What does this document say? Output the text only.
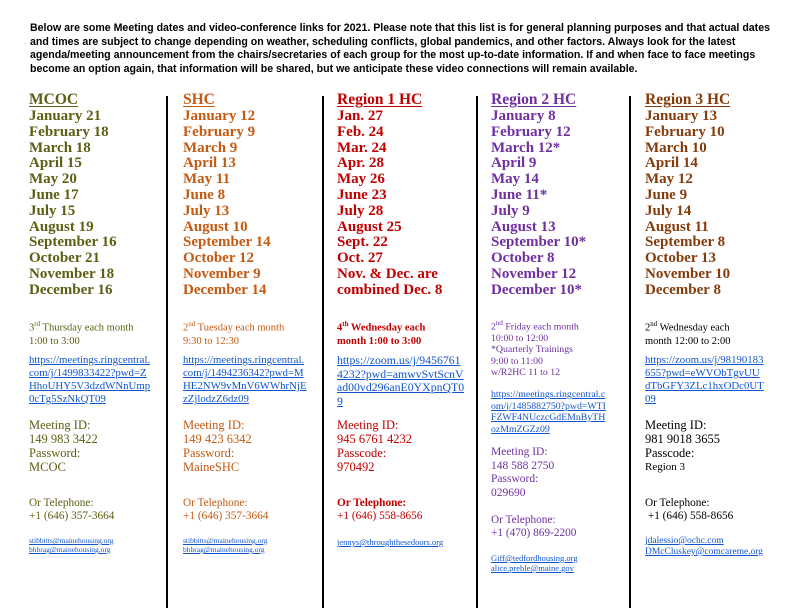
Below are some Meeting dates and video-conference links for 2021. Please note that this list is for general planning purposes and that actual dates and times are subject to change depending on weather, scheduling conflicts, global pandemics, and other factors. Always look for the latest agenda/meeting announcement from the chairs/secretaries of each group for the most up-to-date information. If and when face to face meetings become an option again, that information will be shared, but we anticipate these video connections will remain available.
MCOC
January 21
February 18
March 18
April 15
May 20
June 17
July 15
August 19
September 16
October 21
November 18
December 16
3rd Thursday each month
1:00 to 3:00
https://meetings.ringcentral.com/j/1499833422?pwd=ZHhoUHY5V3dzdWNnUmp0cTg5SzNkQT09
Meeting ID:
149 983 3422
Password:
MCOC
Or Telephone:
+1 (646) 357-3664
stibbitts@mainehousing.org
bhbrag@mainehousing.org
SHC
January 12
February 9
March 9
April 13
May 11
June 8
July 13
August 10
September 14
October 12
November 9
December 14
2nd Tuesday each month
9:30 to 12:30
https://meetings.ringcentral.com/j/1494236342?pwd=MHE2NW9vMnV6WWhrNjEzZjlodzZ6dz09
Meeting ID:
149 423 6342
Password:
MaineSHC
Or Telephone:
+1 (646) 357-3664
stibbitts@mainehousing.org
bhbrag@mainehousing.org
Region 1 HC
Jan. 27
Feb. 24
Mar. 24
Apr. 28
May 26
June 23
July 28
August 25
Sept. 22
Oct. 27
Nov. & Dec. are
combined Dec. 8
4th Wednesday each
month 1:00 to 3:00
https://zoom.us/j/94567614232?pwd=amwvSvtScnVad00vd296anE0YXpnQT09
Meeting ID:
945 6761 4232
Passcode:
970492
Or Telephone:
+1 (646) 558-8656
jennys@throughthesedoors.org
Region 2 HC
January 8
February 12
March 12*
April 9
May 14
June 11*
July 9
August 13
September 10*
October 8
November 12
December 10*
2nd Friday each month
10:00 to 12:00
*Quarterly Trainings
9:00 to 11:00
w/R2HC 11 to 12
https://meetings.ringcentral.com/j/1485882750?pwd=WTIFZWF4NUczcGdEMnByTHozMmZGZz09
Meeting ID:
148 588 2750
Password:
029690
Or Telephone:
+1 (470) 869-2200
Giff@tedfordhousing.org
alice.preble@maine.gov
Region 3 HC
January 13
February 10
March 10
April 14
May 12
June 9
July 14
August 11
September 8
October 13
November 10
December 8
2nd Wednesday each
month 12:00 to 2:00
https://zoom.us/j/98190183655?pwd=eWVObTgvUUdTbGFY3ZLc1hxODc0UT09
Meeting ID:
981 9018 3655
Passcode:
Region 3
Or Telephone:
+1 (646) 558-8656
jdalessio@ochc.com
DMcCluskey@comcareme.org
